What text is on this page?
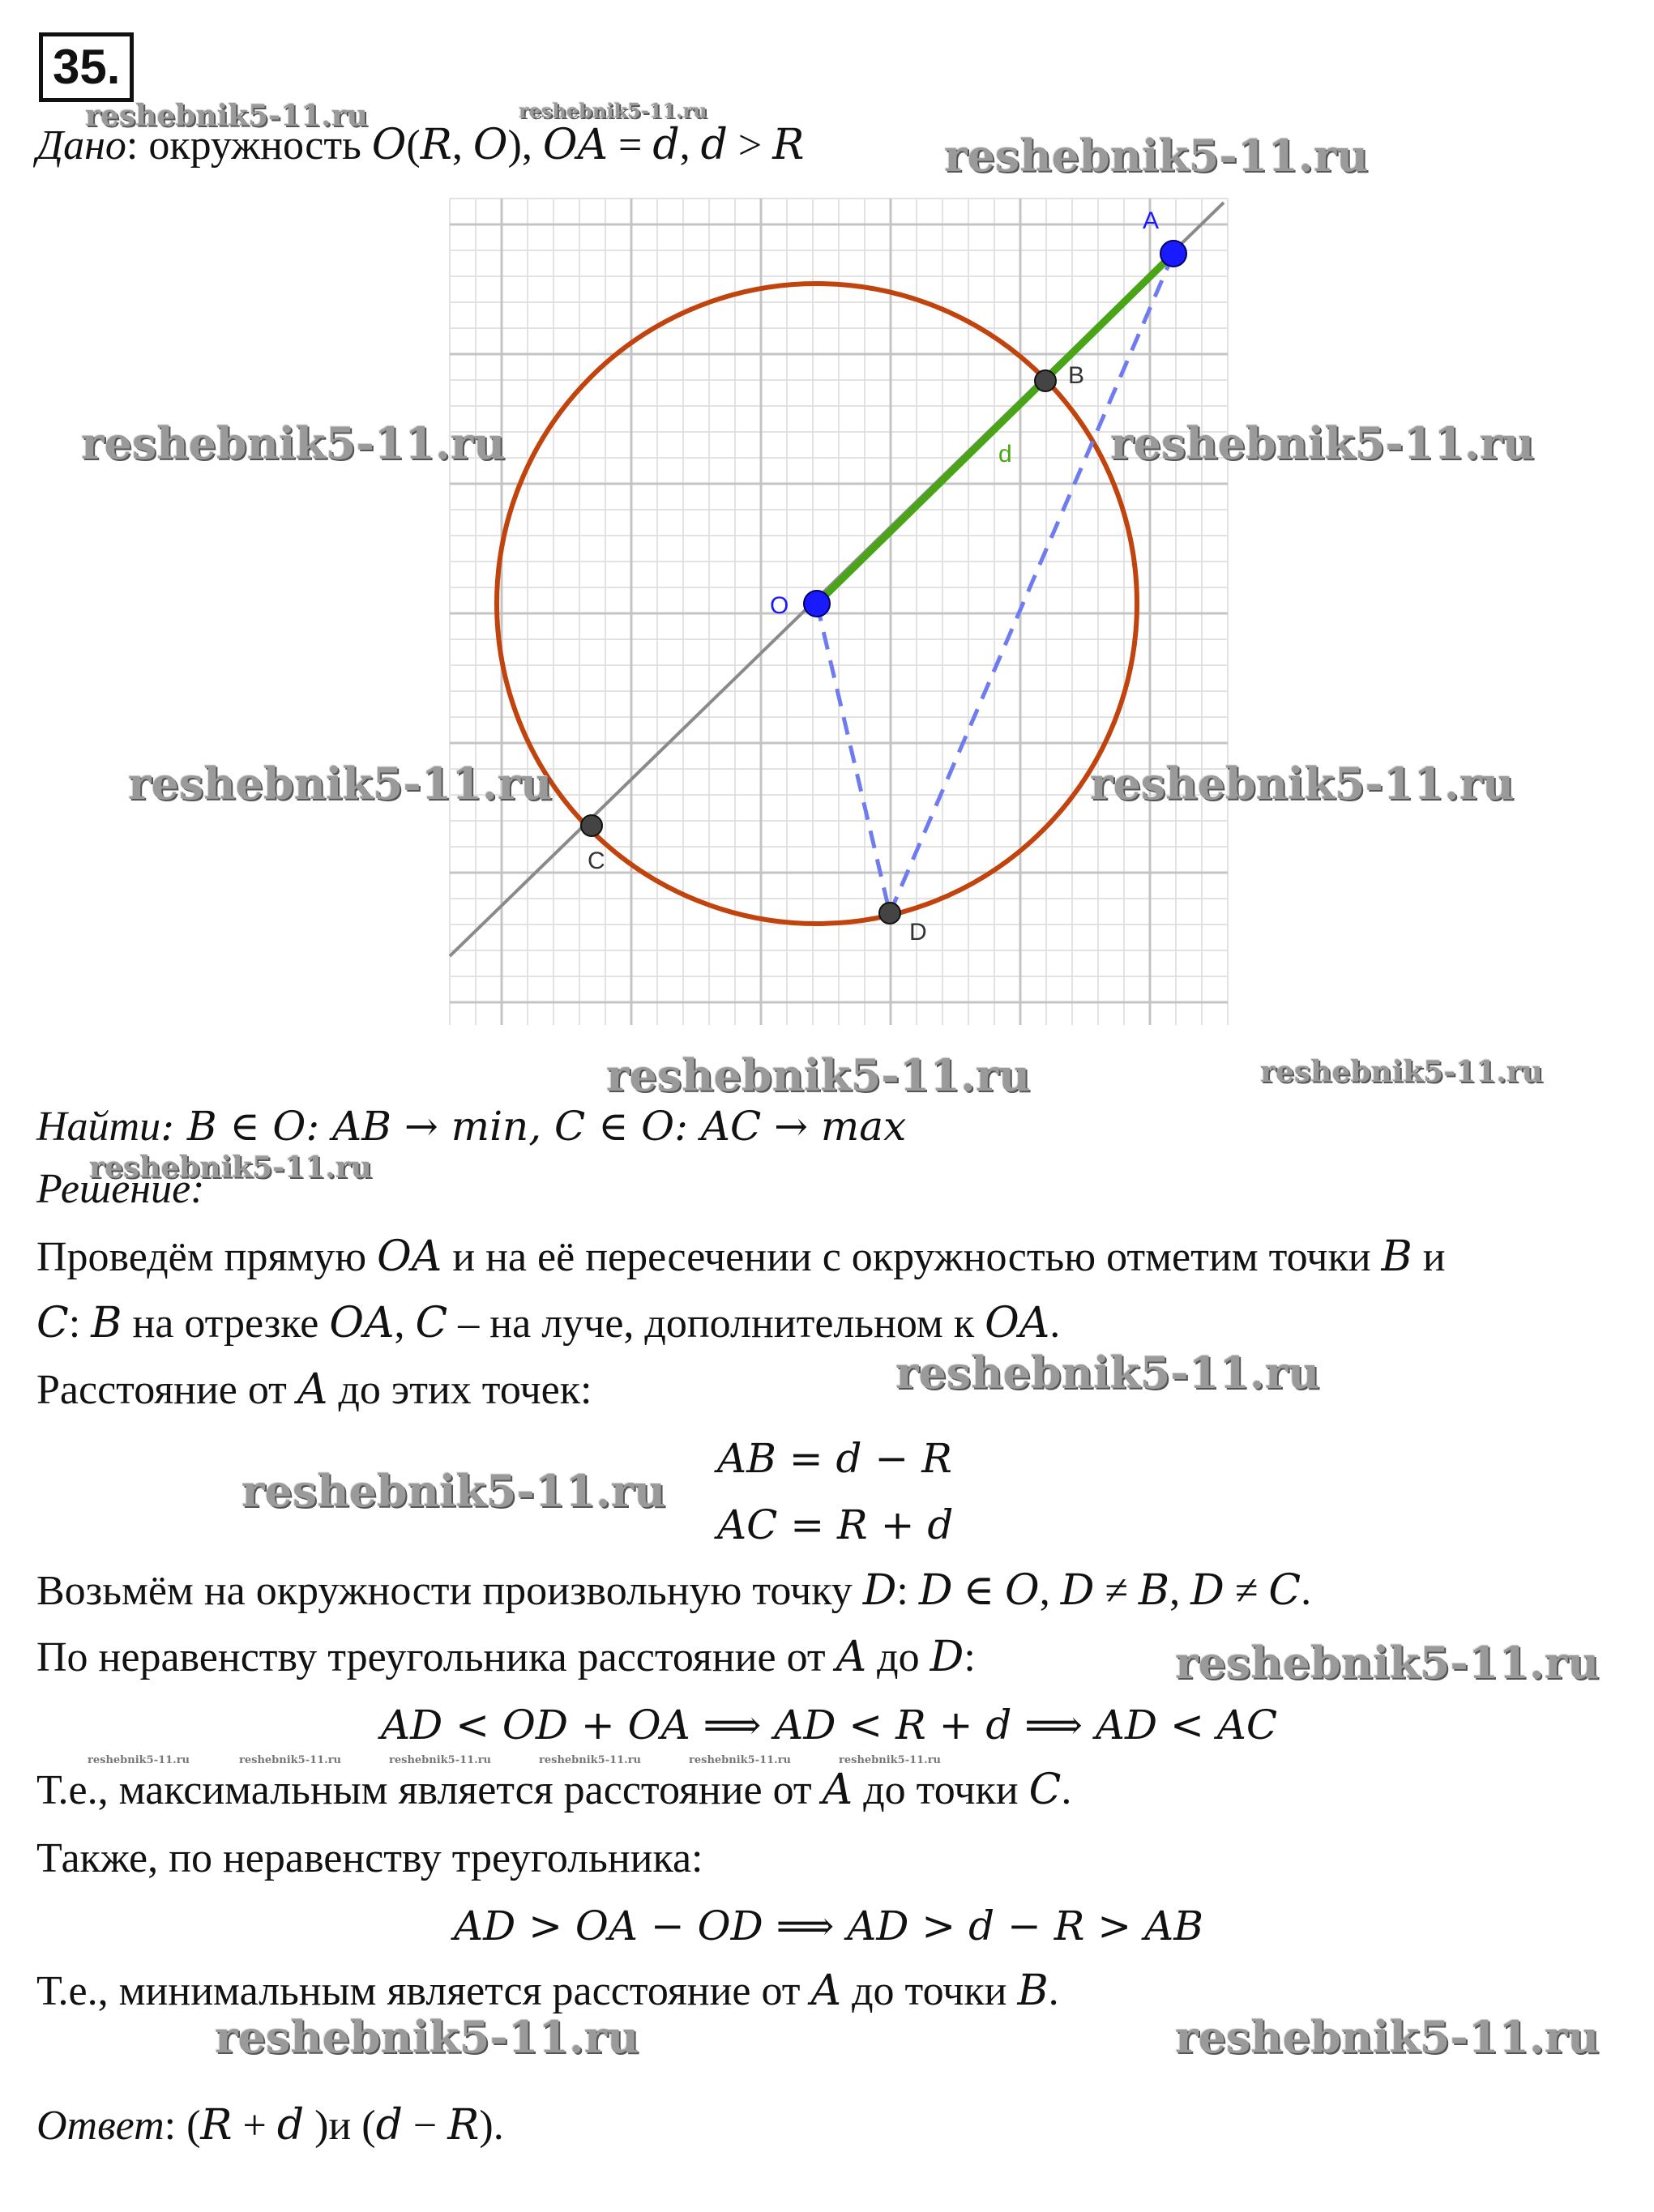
35.
Дано: окружность 𝑂(𝑅, 𝑂), 𝑂𝐴 = 𝑑, 𝑑 > 𝑅
d
A
B
O
C
D
Найти: 𝐵 ∈ 𝑂: 𝐴𝐵 → 𝑚𝑖𝑛, 𝐶 ∈ 𝑂: 𝐴𝐶 → 𝑚𝑎𝑥
Решение:
Проведём прямую 𝑂𝐴 и на её пересечении с окружностью отметим точки 𝐵 и
𝐶: 𝐵 на отрезке 𝑂𝐴, 𝐶 – на луче, дополнительном к 𝑂𝐴.
Расстояние от 𝐴 до этих точек:
𝐴𝐵 = 𝑑 − 𝑅
𝐴𝐶 = 𝑅 + 𝑑
Возьмём на окружности произвольную точку 𝐷: 𝐷 ∈ 𝑂, 𝐷 ≠ 𝐵, 𝐷 ≠ 𝐶.
По неравенству треугольника расстояние от 𝐴 до 𝐷:
𝐴𝐷 < 𝑂𝐷 + 𝑂𝐴 ⟹ 𝐴𝐷 < 𝑅 + 𝑑 ⟹ 𝐴𝐷 < 𝐴𝐶
Т.е., максимальным является расстояние от 𝐴 до точки 𝐶.
Также, по неравенству треугольника:
𝐴𝐷 > 𝑂𝐴 − 𝑂𝐷 ⟹ 𝐴𝐷 > 𝑑 − 𝑅 > 𝐴𝐵
Т.е., минимальным является расстояние от 𝐴 до точки 𝐵.
Ответ: (𝑅 + 𝑑 )и (𝑑 − 𝑅).
reshebnik5-11.ru	reshebnik5-11.ru
reshebnik5-11.ru
reshebnik5-11.ru	reshebnik5-11.ru
reshebnik5-11.ru	reshebnik5-11.ru
reshebnik5-11.ru	reshebnik5-11.ru
reshebnik5-11.ru
reshebnik5-11.ru
reshebnik5-11.ru
reshebnik5-11.ru
reshebnik5-11.ru	reshebnik5-11.ru	reshebnik5-11.ru	reshebnik5-11.ru	reshebnik5-11.ru	reshebnik5-11.ru
reshebnik5-11.ru	reshebnik5-11.ru
